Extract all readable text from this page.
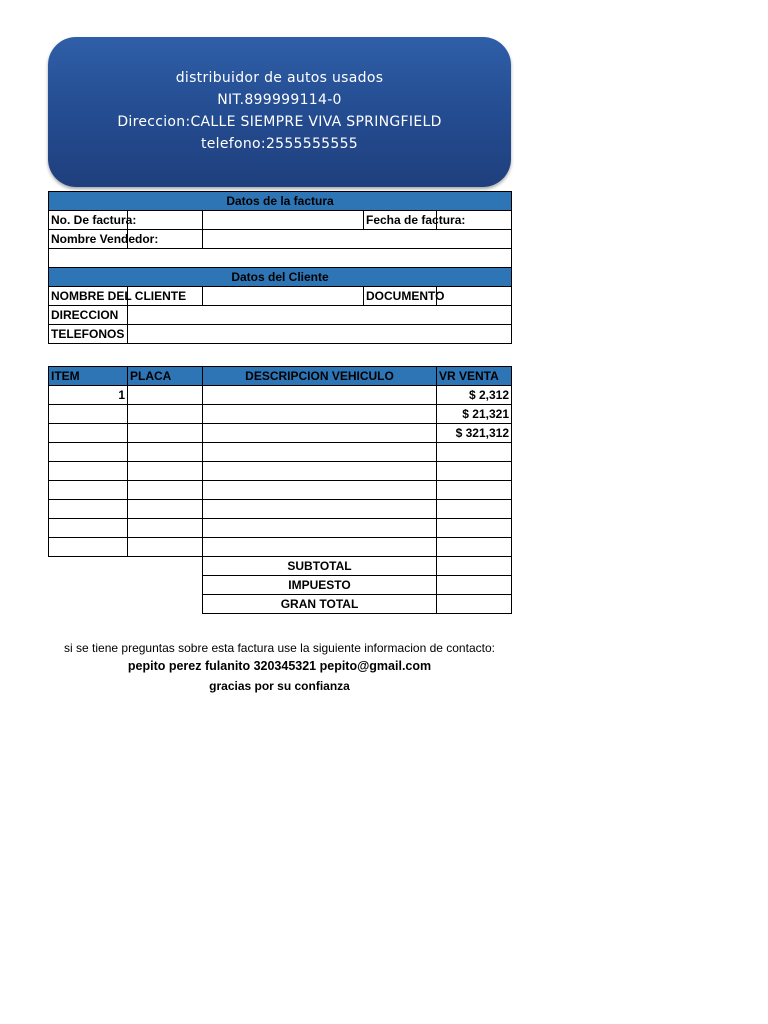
distribuidor de autos usados
NIT.899999114-0
Direccion:CALLE SIEMPRE VIVA SPRINGFIELD
telefono:2555555555
Datos de la factura				
No. De factura:			Fecha de factura:	
Nombre Vendedor:				

Datos del Cliente				
NOMBRE DEL CLIENTE			DOCUMENTO	
DIRECCION				
TELEFONOS				
ITEM	PLACA	DESCRIPCION VEHICULO	VR VENTA
1			$ 2,312
			$ 21,321
			$ 321,312

		SUBTOTAL	
		IMPUESTO	
		GRAN TOTAL	
si se tiene preguntas sobre esta factura use la siguiente informacion de contacto:
pepito perez fulanito 320345321 pepito@gmail.com
gracias por su confianza
